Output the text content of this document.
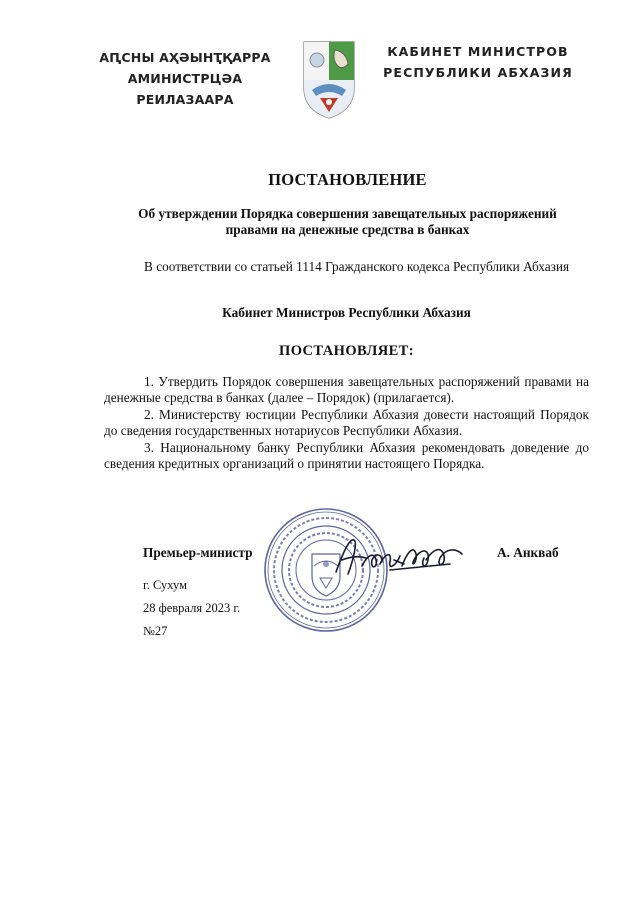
АԤСНЫ АҲӘЫНҬҚАРРА
АМИНИСТРЦӘА РЕИЛАЗААРА
КАБИНЕТ МИНИСТРОВ
РЕСПУБЛИКИ АБХАЗИЯ
ПОСТАНОВЛЕНИЕ
Об утверждении Порядка совершения завещательных распоряжений
правами на денежные средства в банках
В соответствии со статьей 1114 Гражданского кодекса Республики Абхазия
Кабинет Министров Республики Абхазия
ПОСТАНОВЛЯЕТ:
1. Утвердить Порядок совершения завещательных распоряжений правами на денежные средства в банках (далее – Порядок) (прилагается).
2. Министерству юстиции Республики Абхазия довести настоящий Порядок до сведения государственных нотариусов Республики Абхазия.
3. Национальному банку Республики Абхазия рекомендовать доведение до сведения кредитных организаций о принятии настоящего Порядка.
Премьер-министр	А. Анкваб
г. Сухум
28 февраля 2023 г.
№27
